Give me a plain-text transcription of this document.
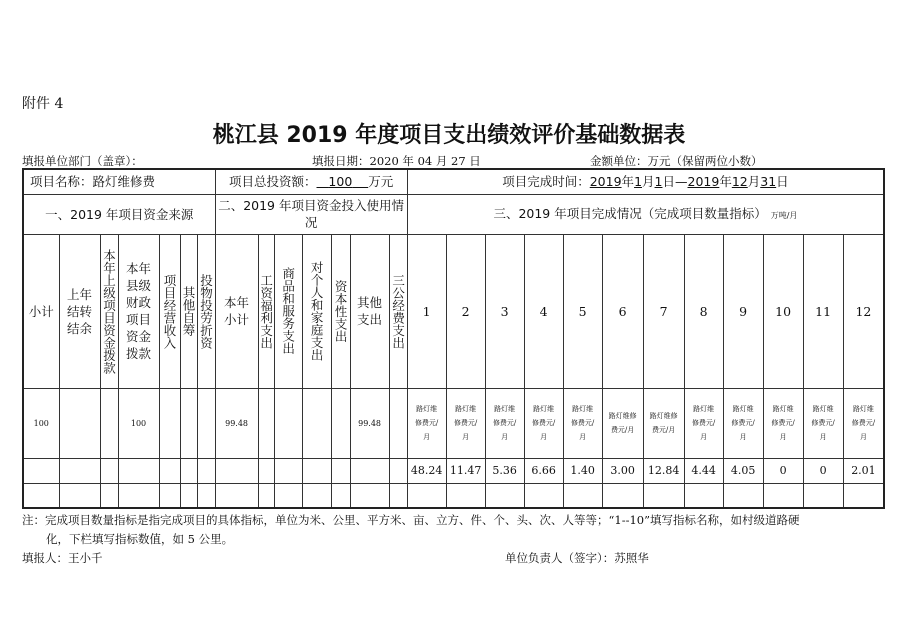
附件 4
桃江县 2019 年度项目支出绩效评价基础数据表
填报单位部门（盖章）：	填报日期：2020 年 04 月 27 日	金额单位：万元（保留两位小数）
项目名称：路灯维修费							项目总投资额： 100 万元							项目完成时间：2019年1月1日—2019年12月31日											
一、2019 年项目资金来源							二、2019 年项目资金投入使用情况							三、2019 年项目完成情况（完成项目数量指标） 万吨/月											

小计	上年结转结余	本年上级项目资金拨款	本年县级财政项目资金拨款	项目经营收入	其他自筹	投物投劳折资	本年小计	工资福利支出	商品和服务支出	对个人和家庭支出	资本性支出	其他支出	三公经费支出	1	2	3	4	5	6	7	8	9	10	11	12

100			100				99.48					99.48		路灯维修费元/月	路灯维修费元/月	路灯维修费元/月	路灯维修费元/月	路灯维修费元/月	路灯维修费元/月	路灯维修费元/月	路灯维修费元/月	路灯维修费元/月	路灯维修费元/月	路灯维修费元/月	路灯维修费元/月
														48.24	11.47	5.36	6.66	1.40	3.00	12.84	4.44	4.05	0	0	2.01

注：完成项目数量指标是指完成项目的具体指标，单位为米、公里、平方米、亩、立方、件、个、头、次、人等等；“1--10”填写指标名称，如村级道路硬
化，下栏填写指标数值，如 5 公里。
填报人：王小千	单位负责人（签字）：苏照华
